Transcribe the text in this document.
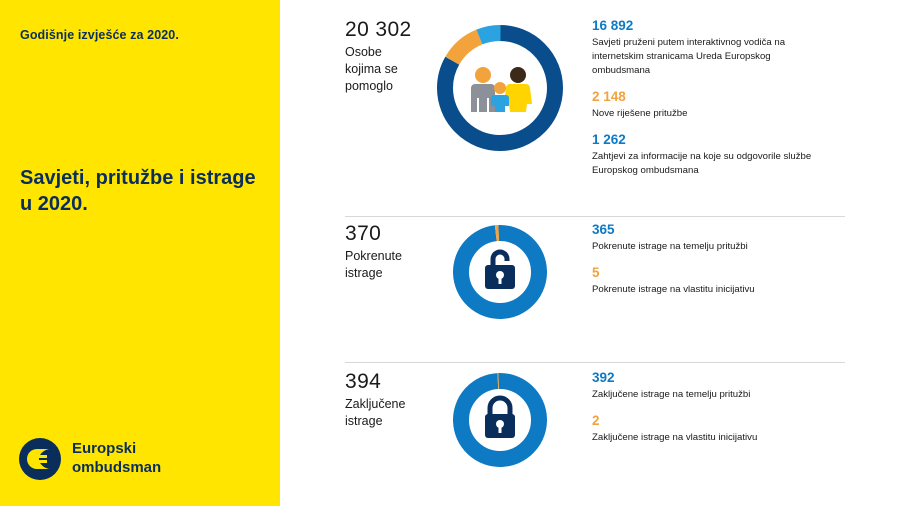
Godišnje izvješće za 2020.
Savjeti, pritužbe i istrage u 2020.
Europski
ombudsman
20 302
Osobe kojima se pomoglo
16 892
Savjeti pruženi putem interaktivnog vodiča na internetskim stranicama Ureda Europskog ombudsmana
2 148
Nove riješene pritužbe
1 262
Zahtjevi za informacije na koje su odgovorile službe Europskog ombudsmana
370
Pokrenute istrage
365
Pokrenute istrage na temelju pritužbi
5
Pokrenute istrage na vlastitu inicijativu
394
Zaključene istrage
392
Zaključene istrage na temelju pritužbi
2
Zaključene istrage na vlastitu inicijativu
